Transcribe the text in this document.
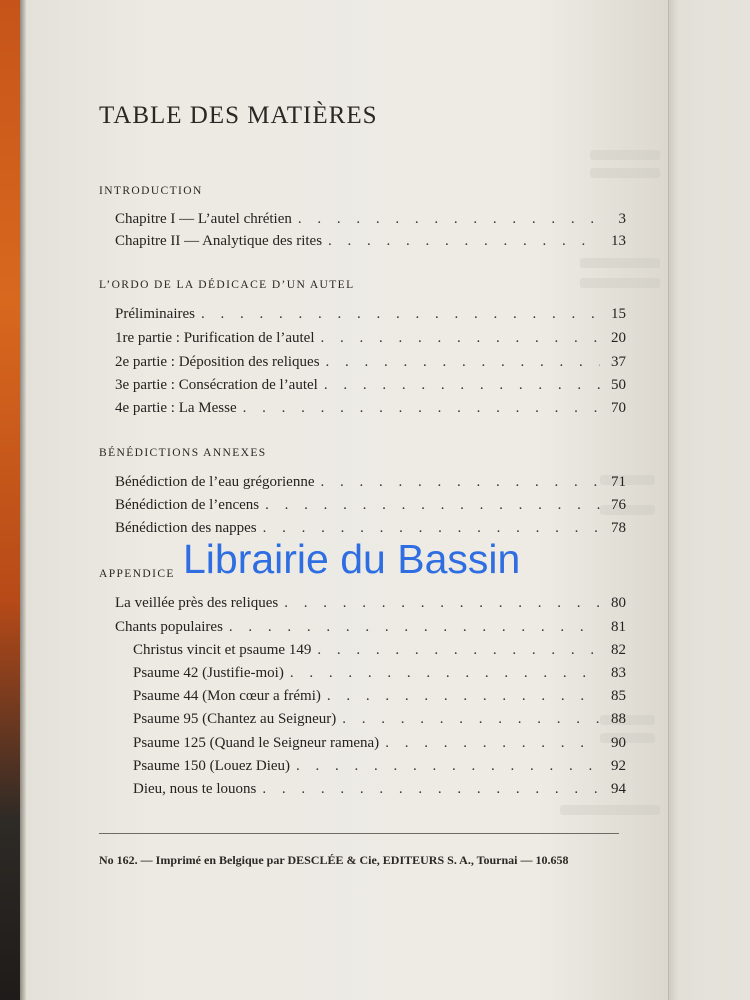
TABLE DES MATIÈRES
INTRODUCTION
Chapitre I — L’autel chrétien . . .	3
Chapitre II — Analytique des rites . . .	13
L’ORDO DE LA DÉDICACE D’UN AUTEL
Préliminaires . . .	15
1re partie : Purification de l’autel . . .	20
2e partie : Déposition des reliques . . .	37
3e partie : Consécration de l’autel . . .	50
4e partie : La Messe . . .	70
BÉNÉDICTIONS ANNEXES
Bénédiction de l’eau grégorienne . . .	71
Bénédiction de l’encens . . .	76
Bénédiction des nappes . . .	78
APPENDICE
La veillée près des reliques . . .	80
Chants populaires . . .	81
Christus vincit et psaume 149 . . .	82
Psaume 42 (Justifie-moi) . . .	83
Psaume 44 (Mon cœur a frémi) . . .	85
Psaume 95 (Chantez au Seigneur) . . .	88
Psaume 125 (Quand le Seigneur ramena) . . .	90
Psaume 150 (Louez Dieu) . . .	92
Dieu, nous te louons . . .	94

No 162. — Imprimé en Belgique par DESCLÉE & Cie, EDITEURS S. A., Tournai — 10.658

Librairie du Bassin
